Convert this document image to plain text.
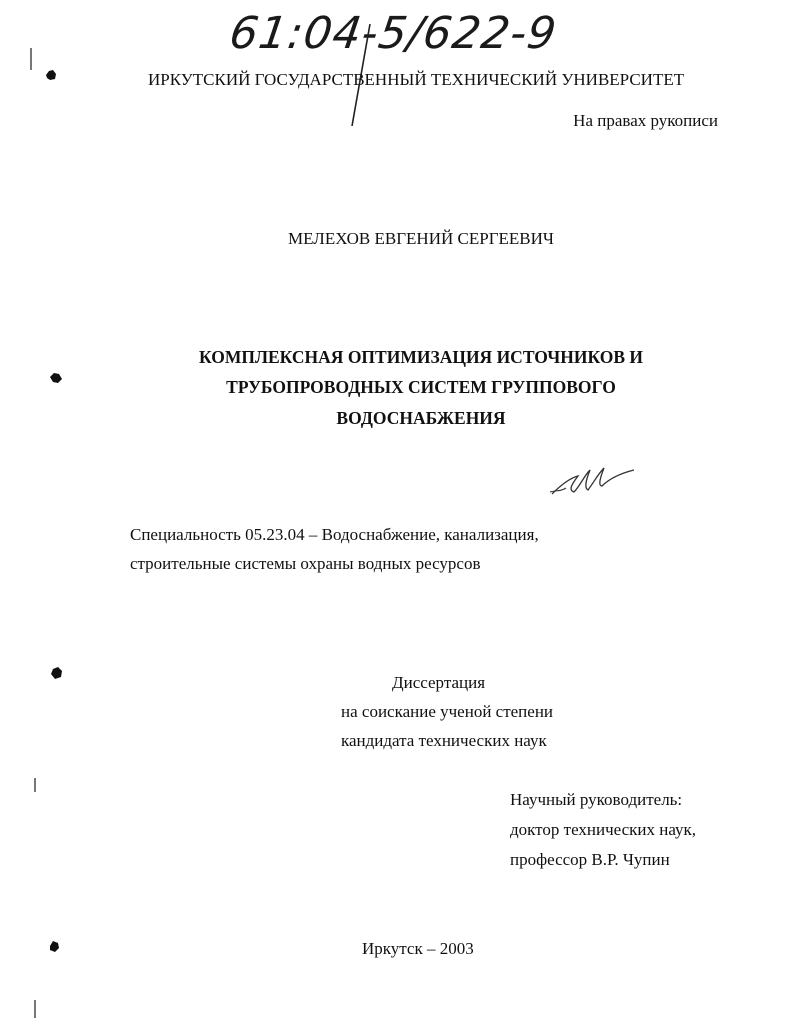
61:04-5/622-9
ИРКУТСКИЙ ГОСУДАРСТВЕННЫЙ ТЕХНИЧЕСКИЙ УНИВЕРСИТЕТ
На правах рукописи
МЕЛЕХОВ ЕВГЕНИЙ СЕРГЕЕВИЧ
КОМПЛЕКСНАЯ ОПТИМИЗАЦИЯ ИСТОЧНИКОВ И
ТРУБОПРОВОДНЫХ СИСТЕМ ГРУППОВОГО
ВОДОСНАБЖЕНИЯ
Специальность 05.23.04 – Водоснабжение, канализация,
строительные системы охраны водных ресурсов
Диссертация
на соискание ученой степени
кандидата технических наук
Научный руководитель:
доктор технических наук,
профессор В.Р. Чупин
Иркутск – 2003
